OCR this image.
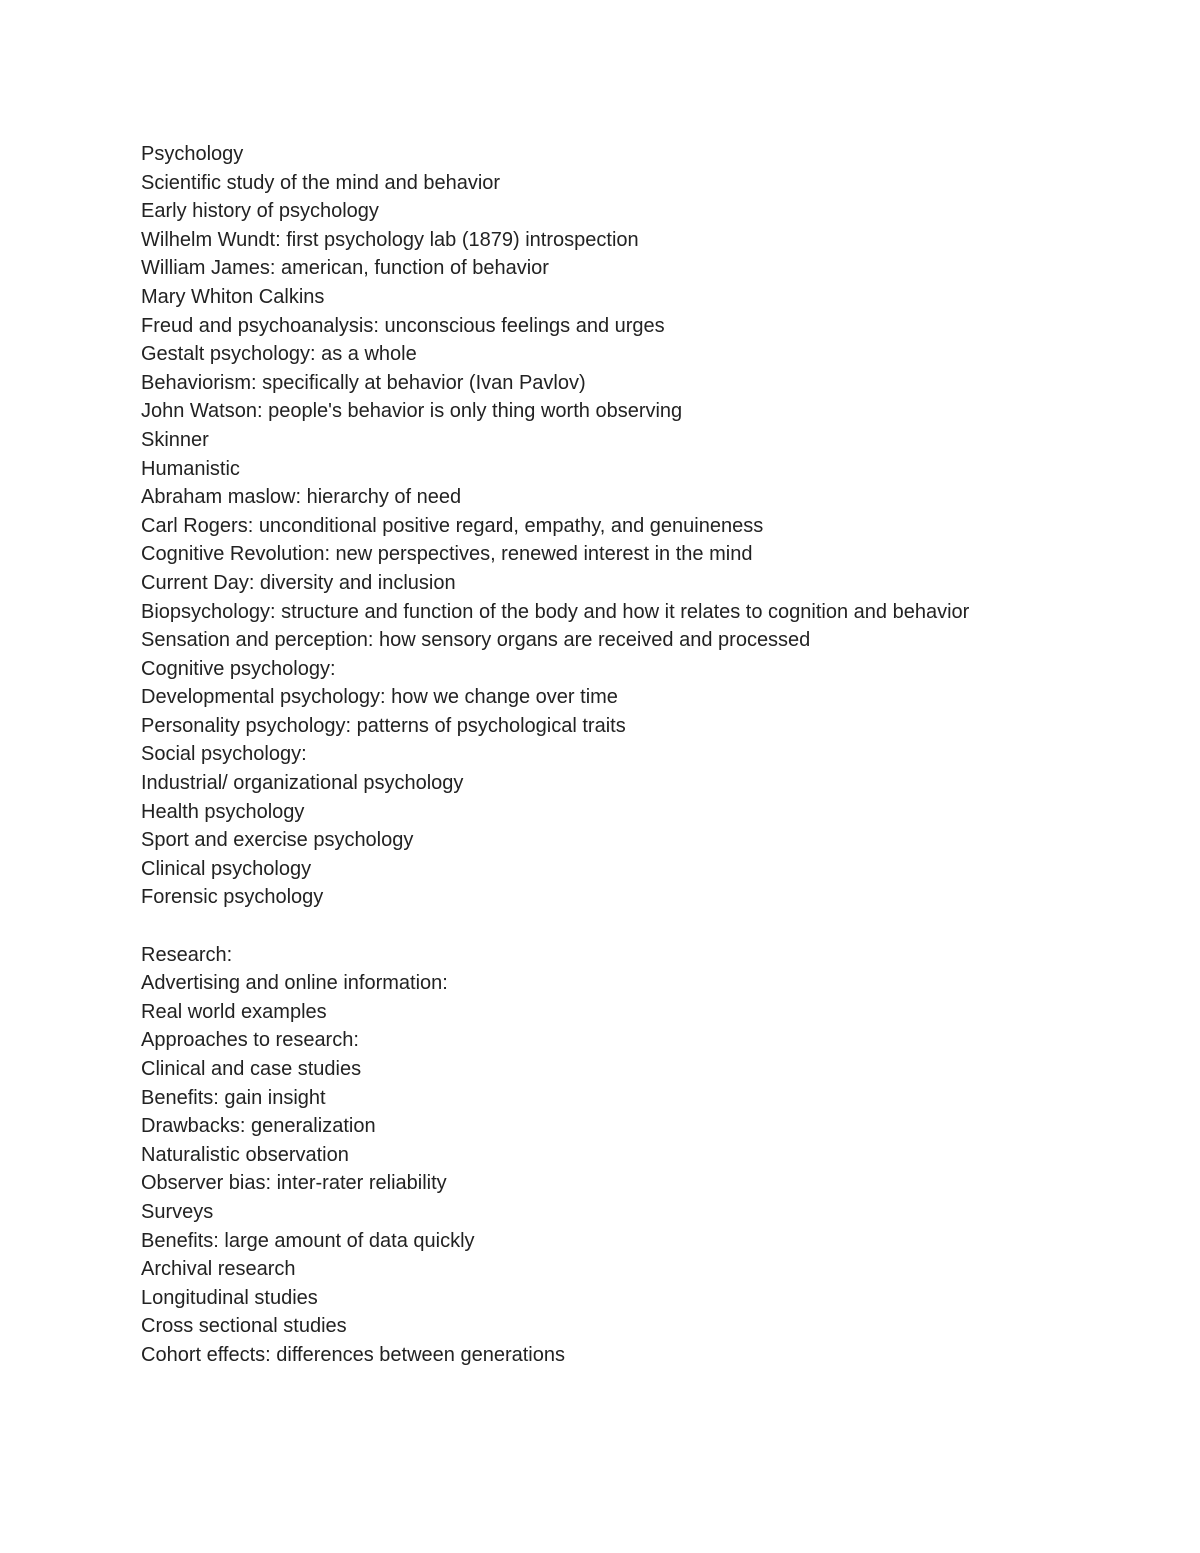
Psychology
Scientific study of the mind and behavior
Early history of psychology
Wilhelm Wundt: first psychology lab (1879) introspection
William James: american, function of behavior
Mary Whiton Calkins
Freud and psychoanalysis: unconscious feelings and urges
Gestalt psychology: as a whole
Behaviorism: specifically at behavior (Ivan Pavlov)
John Watson: people's behavior is only thing worth observing
Skinner
Humanistic
Abraham maslow: hierarchy of need
Carl Rogers: unconditional positive regard, empathy, and genuineness
Cognitive Revolution: new perspectives, renewed interest in the mind
Current Day: diversity and inclusion
Biopsychology: structure and function of the body and how it relates to cognition and behavior
Sensation and perception: how sensory organs are received and processed
Cognitive psychology:
Developmental psychology: how we change over time
Personality psychology: patterns of psychological traits
Social psychology:
Industrial/ organizational psychology
Health psychology
Sport and exercise psychology
Clinical psychology
Forensic psychology
Research:
Advertising and online information:
Real world examples
Approaches to research:
Clinical and case studies
Benefits: gain insight
Drawbacks: generalization
Naturalistic observation
Observer bias: inter-rater reliability
Surveys
Benefits: large amount of data quickly
Archival research
Longitudinal studies
Cross sectional studies
Cohort effects: differences between generations
